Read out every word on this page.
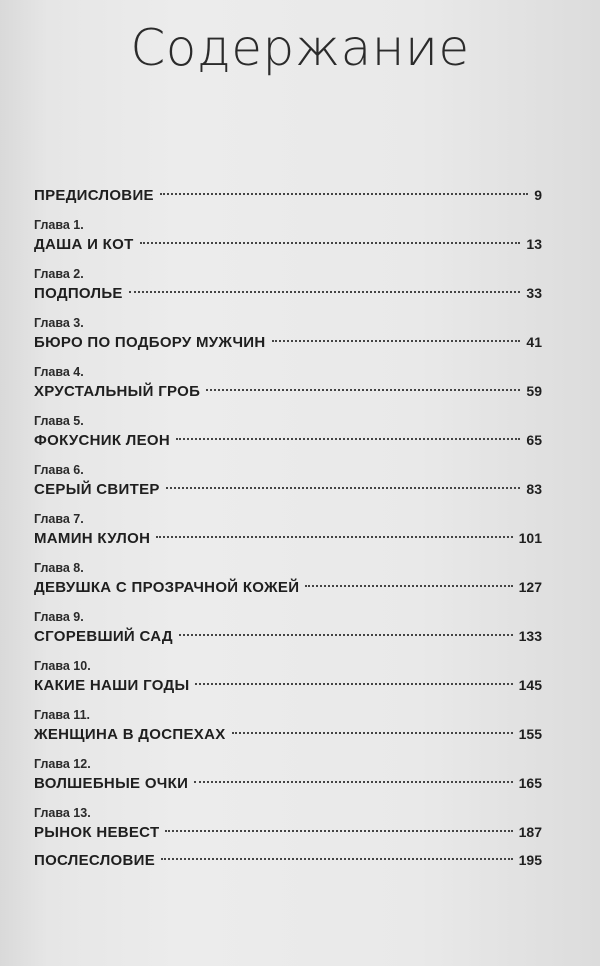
Содержание
ПРЕДИСЛОВИЕ	9
Глава 1.
ДАША И КОТ	13
Глава 2.
ПОДПОЛЬЕ	33
Глава 3.
БЮРО ПО ПОДБОРУ МУЖЧИН	41
Глава 4.
ХРУСТАЛЬНЫЙ ГРОБ	59
Глава 5.
ФОКУСНИК ЛЕОН	65
Глава 6.
СЕРЫЙ СВИТЕР	83
Глава 7.
МАМИН КУЛОН	101
Глава 8.
ДЕВУШКА С ПРОЗРАЧНОЙ КОЖЕЙ	127
Глава 9.
СГОРЕВШИЙ САД	133
Глава 10.
КАКИЕ НАШИ ГОДЫ	145
Глава 11.
ЖЕНЩИНА В ДОСПЕХАХ	155
Глава 12.
ВОЛШЕБНЫЕ ОЧКИ	165
Глава 13.
РЫНОК НЕВЕСТ	187
ПОСЛЕСЛОВИЕ	195
